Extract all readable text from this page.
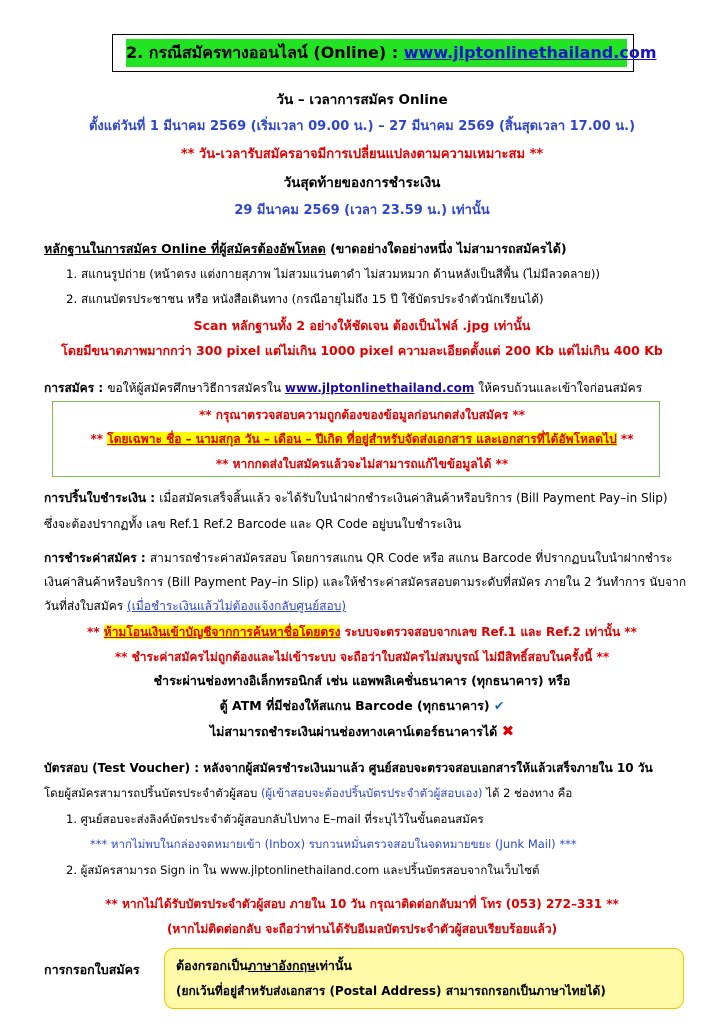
2. กรณีสมัครทางออนไลน์ (Online) : www.jlptonlinethailand.com
วัน – เวลาการสมัคร Online
ตั้งแต่วันที่ 1 มีนาคม 2569 (เริ่มเวลา 09.00 น.) – 27 มีนาคม 2569 (สิ้นสุดเวลา 17.00 น.)
** วัน-เวลารับสมัครอาจมีการเปลี่ยนแปลงตามความเหมาะสม **
วันสุดท้ายของการชำระเงิน
29 มีนาคม 2569 (เวลา 23.59 น.) เท่านั้น
หลักฐานในการสมัคร Online ที่ผู้สมัครต้องอัพโหลด (ขาดอย่างใดอย่างหนึ่ง ไม่สามารถสมัครได้)
1. สแกนรูปถ่าย (หน้าตรง แต่งกายสุภาพ ไม่สวมแว่นตาดำ ไม่สวมหมวก ด้านหลังเป็นสีพื้น (ไม่มีลวดลาย))
2. สแกนบัตรประชาชน หรือ หนังสือเดินทาง (กรณีอายุไม่ถึง 15 ปี ใช้บัตรประจำตัวนักเรียนได้)
Scan หลักฐานทั้ง 2 อย่างให้ชัดเจน ต้องเป็นไฟล์ .jpg เท่านั้น
โดยมีขนาดภาพมากกว่า 300 pixel แต่ไม่เกิน 1000 pixel ความละเอียดตั้งแต่ 200 Kb แต่ไม่เกิน 400 Kb
การสมัคร : ขอให้ผู้สมัครศึกษาวิธีการสมัครใน www.jlptonlinethailand.com ให้ครบถ้วนและเข้าใจก่อนสมัคร
** กรุณาตรวจสอบความถูกต้องของข้อมูลก่อนกดส่งใบสมัคร **
** โดยเฉพาะ ชื่อ – นามสกุล วัน – เดือน – ปีเกิด ที่อยู่สำหรับจัดส่งเอกสาร และเอกสารที่ได้อัพโหลดไป **
** หากกดส่งใบสมัครแล้วจะไม่สามารถแก้ไขข้อมูลได้ **
การปริ้นใบชำระเงิน : เมื่อสมัครเสร็จสิ้นแล้ว จะได้รับใบนำฝากชำระเงินค่าสินค้าหรือบริการ (Bill Payment Pay–in Slip)
ซึ่งจะต้องปรากฏทั้ง เลข Ref.1 Ref.2 Barcode และ QR Code อยู่บนใบชำระเงิน
การชำระค่าสมัคร : สามารถชำระค่าสมัครสอบ โดยการสแกน QR Code หรือ สแกน Barcode ที่ปรากฏบนใบนำฝากชำระ
เงินค่าสินค้าหรือบริการ (Bill Payment Pay–in Slip) และให้ชำระค่าสมัครสอบตามระดับที่สมัคร ภายใน 2 วันทำการ นับจาก
วันที่ส่งใบสมัคร (เมื่อชำระเงินแล้วไม่ต้องแจ้งกลับศูนย์สอบ)
** ห้ามโอนเงินเข้าบัญชีจากการค้นหาชื่อโดยตรง ระบบจะตรวจสอบจากเลข Ref.1 และ Ref.2 เท่านั้น **
** ชำระค่าสมัครไม่ถูกต้องและไม่เข้าระบบ จะถือว่าใบสมัครไม่สมบูรณ์ ไม่มีสิทธิ์สอบในครั้งนี้ **
ชำระผ่านช่องทางอิเล็กทรอนิกส์ เช่น แอพพลิเคชั่นธนาคาร (ทุกธนาคาร) หรือ
ตู้ ATM ที่มีช่องให้สแกน Barcode (ทุกธนาคาร) ✔
ไม่สามารถชำระเงินผ่านช่องทางเคาน์เตอร์ธนาคารได้ ✖
บัตรสอบ (Test Voucher) : หลังจากผู้สมัครชำระเงินมาแล้ว ศูนย์สอบจะตรวจสอบเอกสารให้แล้วเสร็จภายใน 10 วัน
โดยผู้สมัครสามารถปริ้นบัตรประจำตัวผู้สอบ (ผู้เข้าสอบจะต้องปริ้นบัตรประจำตัวผู้สอบเอง) ได้ 2 ช่องทาง คือ
1. ศูนย์สอบจะส่งลิงค์บัตรประจำตัวผู้สอบกลับไปทาง E–mail ที่ระบุไว้ในขั้นตอนสมัคร
*** หากไม่พบในกล่องจดหมายเข้า (Inbox) รบกวนหมั่นตรวจสอบในจดหมายขยะ (Junk Mail) ***
2. ผู้สมัครสามารถ Sign in ใน www.jlptonlinethailand.com และปริ้นบัตรสอบจากในเว็บไซต์
** หากไม่ได้รับบัตรประจำตัวผู้สอบ ภายใน 10 วัน กรุณาติดต่อกลับมาที่ โทร (053) 272–331 **
(หากไม่ติดต่อกลับ จะถือว่าท่านได้รับอีเมลบัตรประจำตัวผู้สอบเรียบร้อยแล้ว)
การกรอกใบสมัคร	ต้องกรอกเป็นภาษาอังกฤษเท่านั้น
(ยกเว้นที่อยู่สำหรับส่งเอกสาร (Postal Address) สามารถกรอกเป็นภาษาไทยได้)
